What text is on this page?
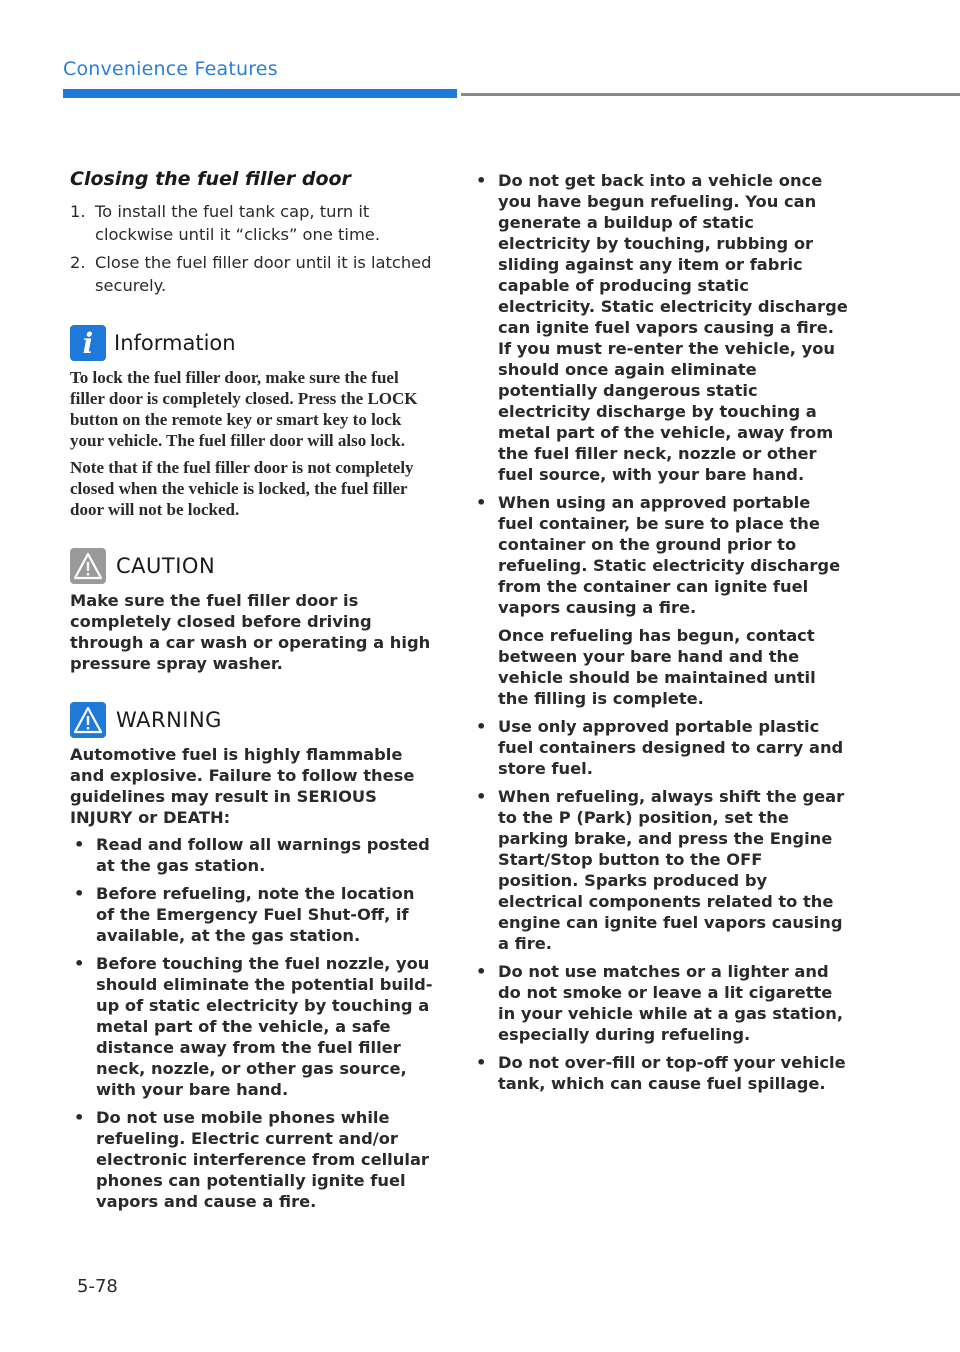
Convenience Features
Closing the fuel filler door
1. To install the fuel tank cap, turn it clockwise until it “clicks” one time.
2. Close the fuel filler door until it is latched securely.
i Information

To lock the fuel filler door, make sure the fuel filler door is completely closed. Press the LOCK button on the remote key or smart key to lock your vehicle. The fuel filler door will also lock.

Note that if the fuel filler door is not completely closed when the vehicle is locked, the fuel filler door will not be locked.

CAUTION

Make sure the fuel filler door is completely closed before driving through a car wash or operating a high pressure spray washer.

WARNING

Automotive fuel is highly flammable and explosive. Failure to follow these guidelines may result in SERIOUS INJURY or DEATH:

• Read and follow all warnings posted at the gas station.
• Before refueling, note the location of the Emergency Fuel Shut-Off, if available, at the gas station.
• Before touching the fuel nozzle, you should eliminate the potential build-up of static electricity by touching a metal part of the vehicle, a safe distance away from the fuel filler neck, nozzle, or other gas source, with your bare hand.
• Do not use mobile phones while refueling. Electric current and/or electronic interference from cellular phones can potentially ignite fuel vapors and cause a fire.
• Do not get back into a vehicle once you have begun refueling. You can generate a buildup of static electricity by touching, rubbing or sliding against any item or fabric capable of producing static electricity. Static electricity discharge can ignite fuel vapors causing a fire. If you must re-enter the vehicle, you should once again eliminate potentially dangerous static electricity discharge by touching a metal part of the vehicle, away from the fuel filler neck, nozzle or other fuel source, with your bare hand.
• When using an approved portable fuel container, be sure to place the container on the ground prior to refueling. Static electricity discharge from the container can ignite fuel vapors causing a fire.
Once refueling has begun, contact between your bare hand and the vehicle should be maintained until the filling is complete.
• Use only approved portable plastic fuel containers designed to carry and store fuel.
• When refueling, always shift the gear to the P (Park) position, set the parking brake, and press the Engine Start/Stop button to the OFF position. Sparks produced by electrical components related to the engine can ignite fuel vapors causing a fire.
• Do not use matches or a lighter and do not smoke or leave a lit cigarette in your vehicle while at a gas station, especially during refueling.
• Do not over-fill or top-off your vehicle tank, which can cause fuel spillage.
5-78
